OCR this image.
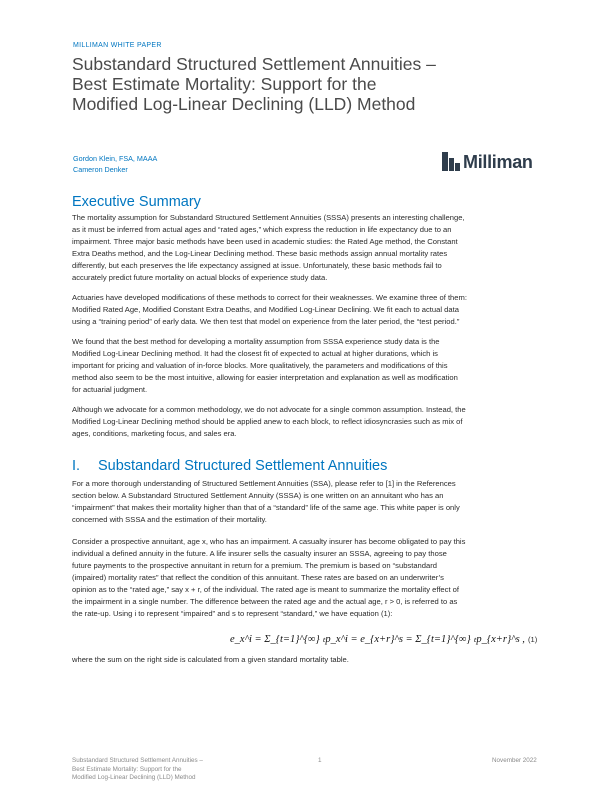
MILLIMAN WHITE PAPER
Substandard Structured Settlement Annuities –
Best Estimate Mortality: Support for the
Modified Log-Linear Declining (LLD) Method
Gordon Klein, FSA, MAAA
Cameron Denker	Milliman
Executive Summary
The mortality assumption for Substandard Structured Settlement Annuities (SSSA) presents an interesting challenge,
as it must be inferred from actual ages and “rated ages,” which express the reduction in life expectancy due to an
impairment. Three major basic methods have been used in academic studies: the Rated Age method, the Constant
Extra Deaths method, and the Log-Linear Declining method. These basic methods assign annual mortality rates
differently, but each preserves the life expectancy assigned at issue. Unfortunately, these basic methods fail to
accurately predict future mortality on actual blocks of experience study data.
Actuaries have developed modifications of these methods to correct for their weaknesses. We examine three of them:
Modified Rated Age, Modified Constant Extra Deaths, and Modified Log-Linear Declining. We fit each to actual data
using a “training period” of early data. We then test that model on experience from the later period, the “test period.”
We found that the best method for developing a mortality assumption from SSSA experience study data is the
Modified Log-Linear Declining method. It had the closest fit of expected to actual at higher durations, which is
important for pricing and valuation of in-force blocks. More qualitatively, the parameters and modifications of this
method also seem to be the most intuitive, allowing for easier interpretation and explanation as well as modification
for actuarial judgment.
Although we advocate for a common methodology, we do not advocate for a single common assumption. Instead, the
Modified Log-Linear Declining method should be applied anew to each block, to reflect idiosyncrasies such as mix of
ages, conditions, marketing focus, and sales era.
I. Substandard Structured Settlement Annuities
For a more thorough understanding of Structured Settlement Annuities (SSA), please refer to [1] in the References
section below. A Substandard Structured Settlement Annuity (SSSA) is one written on an annuitant who has an
“impairment” that makes their mortality higher than that of a “standard” life of the same age. This white paper is only
concerned with SSSA and the estimation of their mortality.
Consider a prospective annuitant, age x, who has an impairment. A casualty insurer has become obligated to pay this
individual a defined annuity in the future. A life insurer sells the casualty insurer an SSSA, agreeing to pay those
future payments to the prospective annuitant in return for a premium. The premium is based on “substandard
(impaired) mortality rates” that reflect the condition of this annuitant. These rates are based on an underwriter’s
opinion as to the “rated age,” say x + r, of the individual. The rated age is meant to summarize the mortality effect of
the impairment in a single number. The difference between the rated age and the actual age, r > 0, is referred to as
the rate-up. Using i to represent “impaired” and s to represent “standard,” we have equation (1):
e_x^i = Σ_{t=1}^{∞} ₜp_x^i = e_{x+r}^s = Σ_{t=1}^{∞} ₜp_{x+r}^s , (1)
where the sum on the right side is calculated from a given standard mortality table.
Substandard Structured Settlement Annuities –
Best Estimate Mortality: Support for the
Modified Log-Linear Declining (LLD) Method
1	November 2022
